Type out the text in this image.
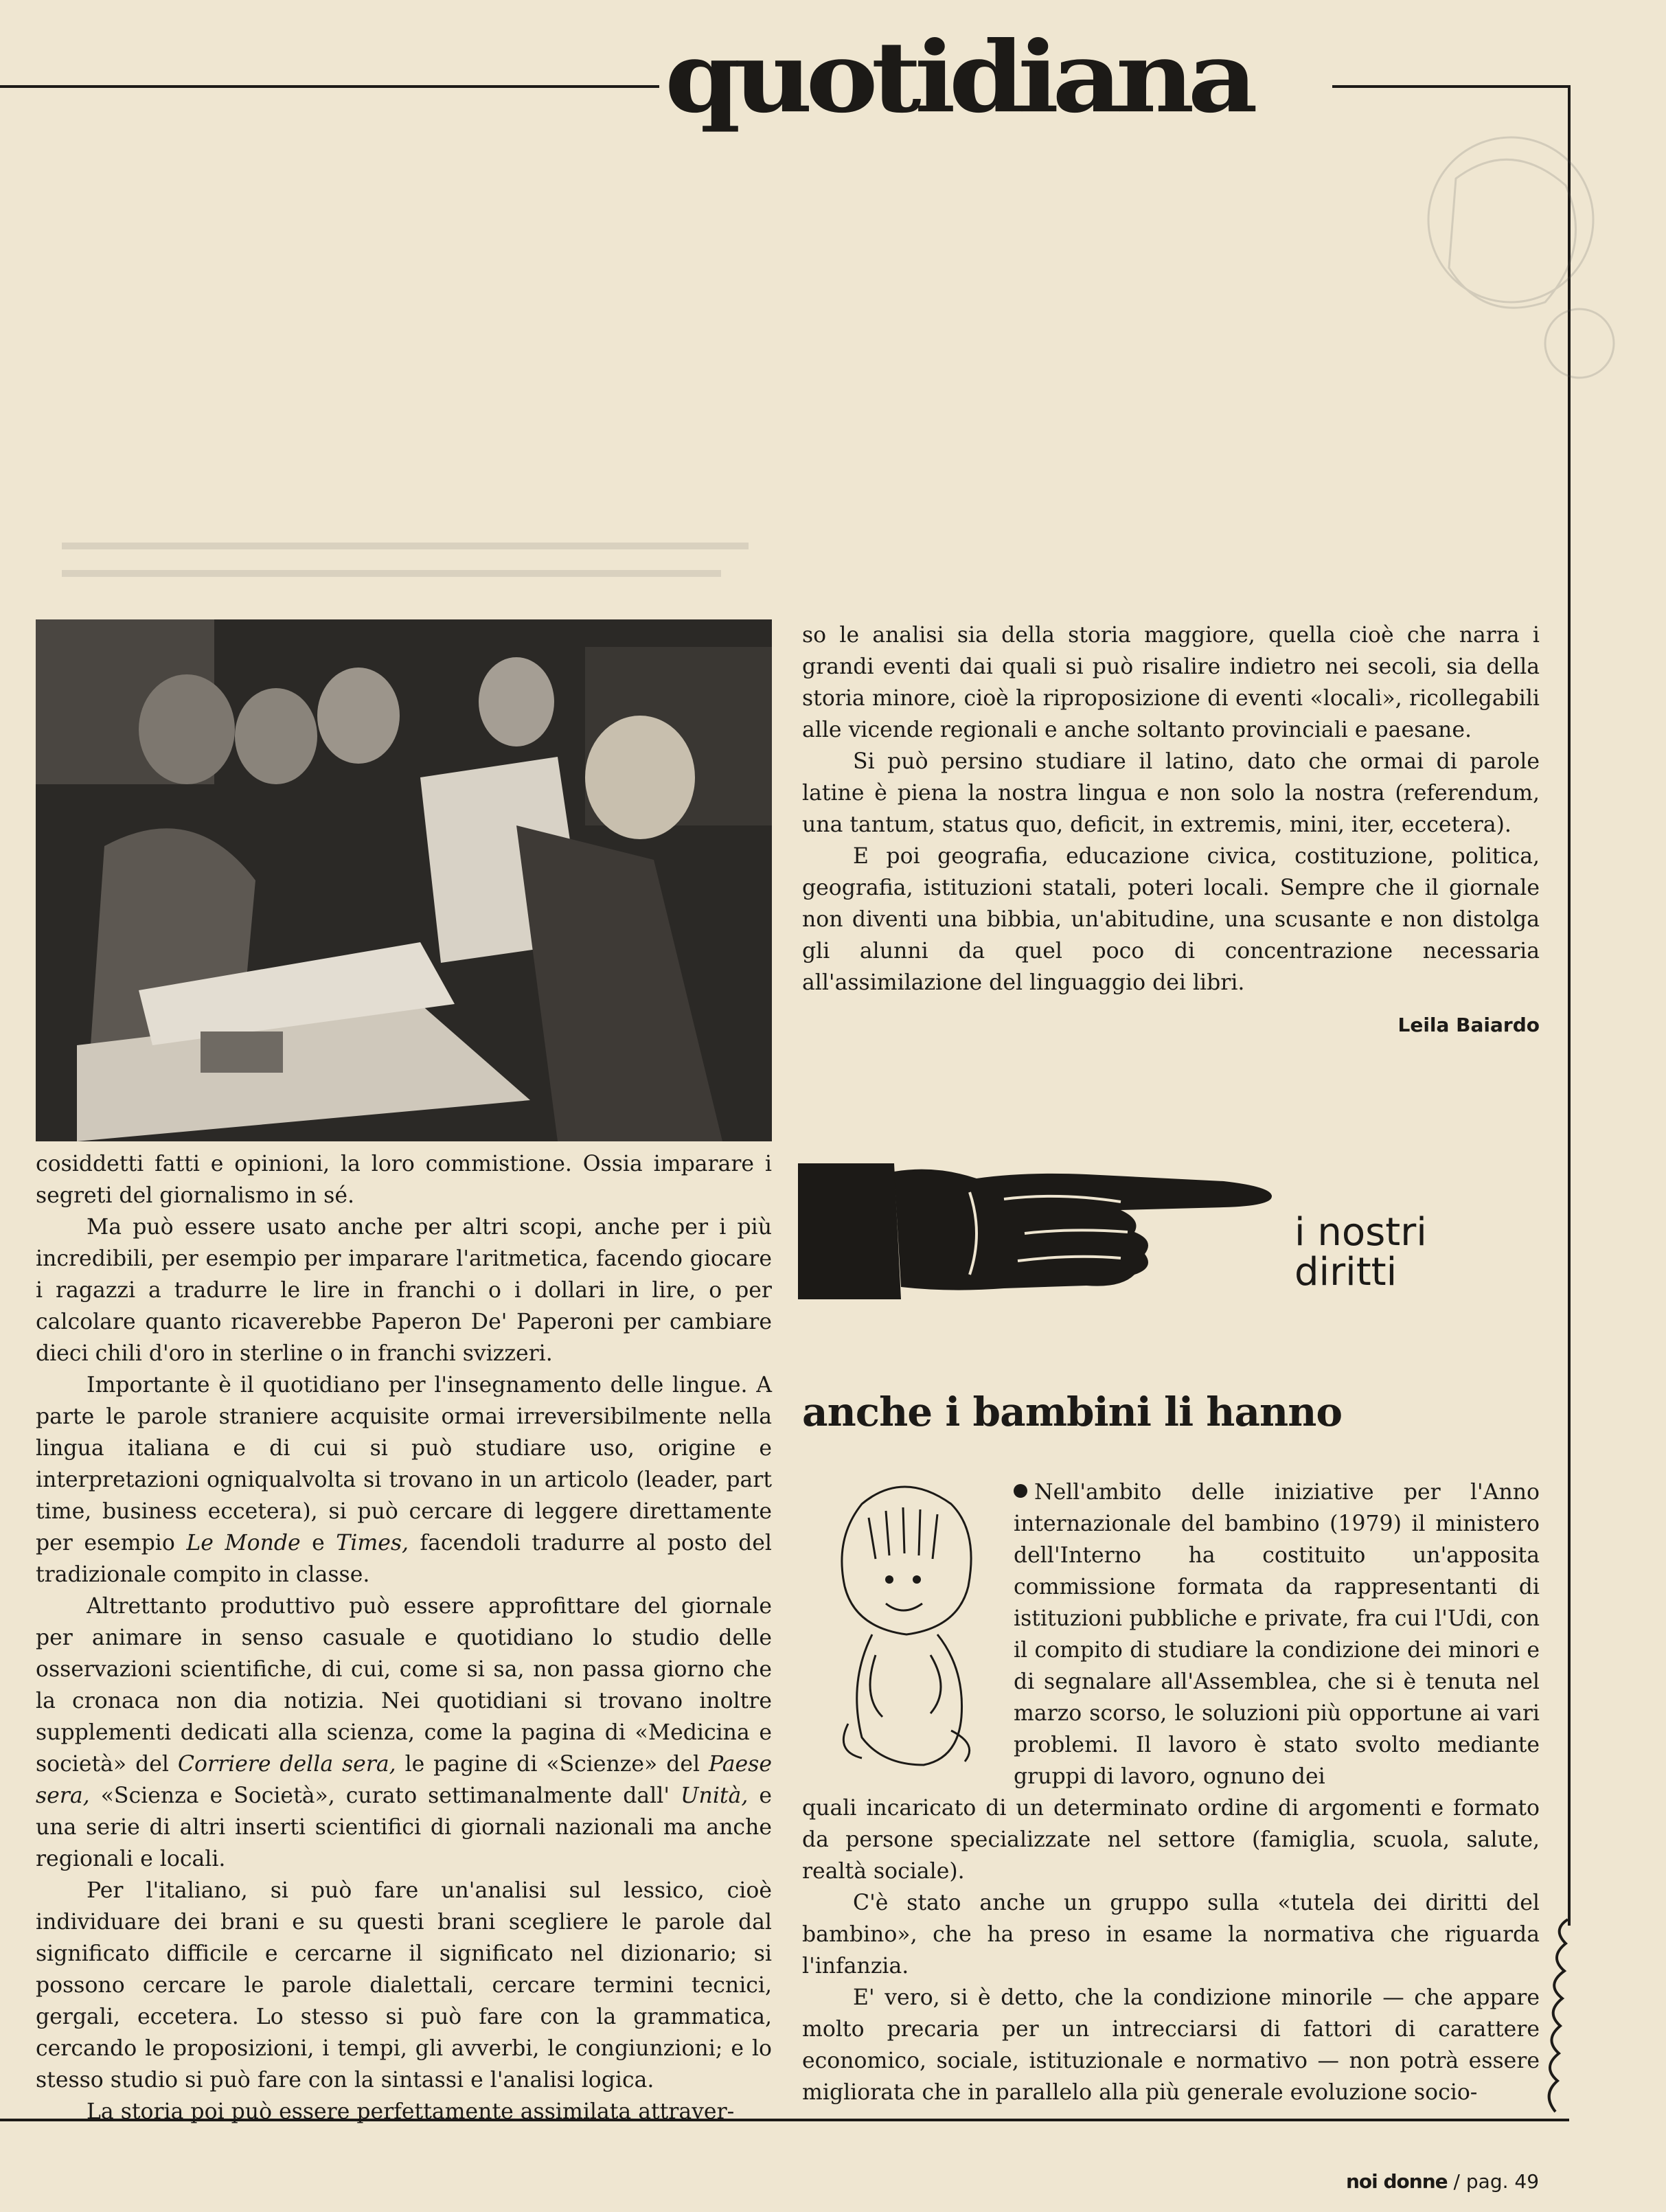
quotidiana

cosiddetti fatti e opinioni, la loro commistione. Ossia imparare i segreti del giornalismo in sé.

Ma può essere usato anche per altri scopi, anche per i più incredibili, per esempio per imparare l'aritmetica, facendo giocare i ragazzi a tradurre le lire in franchi o i dollari in lire, o per calcolare quanto ricaverebbe Paperon De' Paperoni per cambiare dieci chili d'oro in sterline o in franchi svizzeri.

Importante è il quotidiano per l'insegnamento delle lingue. A parte le parole straniere acquisite ormai irreversibilmente nella lingua italiana e di cui si può studiare uso, origine e interpretazioni ogniqualvolta si trovano in un articolo (leader, part time, business eccetera), si può cercare di leggere direttamente per esempio Le Monde e Times, facendoli tradurre al posto del tradizionale compito in classe.

Altrettanto produttivo può essere approfittare del giornale per animare in senso casuale e quotidiano lo studio delle osservazioni scientifiche, di cui, come si sa, non passa giorno che la cronaca non dia notizia. Nei quotidiani si trovano inoltre supplementi dedicati alla scienza, come la pagina di «Medicina e società» del Corriere della sera, le pagine di «Scienze» del Paese sera, «Scienza e Società», curato settimanalmente dall' Unità, e una serie di altri inserti scientifici di giornali nazionali ma anche regionali e locali.

Per l'italiano, si può fare un'analisi sul lessico, cioè individuare dei brani e su questi brani scegliere le parole dal significato difficile e cercarne il significato nel dizionario; si possono cercare le parole dialettali, cercare termini tecnici, gergali, eccetera. Lo stesso si può fare con la grammatica, cercando le proposizioni, i tempi, gli avverbi, le congiunzioni; e lo stesso studio si può fare con la sintassi e l'analisi logica.

La storia poi può essere perfettamente assimilata attraver-

so le analisi sia della storia maggiore, quella cioè che narra i grandi eventi dai quali si può risalire indietro nei secoli, sia della storia minore, cioè la riproposizione di eventi «locali», ricollegabili alle vicende regionali e anche soltanto provinciali e paesane.

Si può persino studiare il latino, dato che ormai di parole latine è piena la nostra lingua e non solo la nostra (referendum, una tantum, status quo, deficit, in extremis, mini, iter, eccetera).

E poi geografia, educazione civica, costituzione, politica, geografia, istituzioni statali, poteri locali. Sempre che il giornale non diventi una bibbia, un'abitudine, una scusante e non distolga gli alunni da quel poco di concentrazione necessaria all'assimilazione del linguaggio dei libri.

Leila Baiardo
i nostri
diritti
anche i bambini li hanno

Nell'ambito delle iniziative per l'Anno internazionale del bambino (1979) il ministero dell'Interno ha costituito un'apposita commissione formata da rappresentanti di istituzioni pubbliche e private, fra cui l'Udi, con il compito di studiare la condizione dei minori e di segnalare all'Assemblea, che si è tenuta nel marzo scorso, le soluzioni più opportune ai vari problemi. Il lavoro è stato svolto mediante gruppi di lavoro, ognuno dei

quali incaricato di un determinato ordine di argomenti e formato da persone specializzate nel settore (famiglia, scuola, salute, realtà sociale).

C'è stato anche un gruppo sulla «tutela dei diritti del bambino», che ha preso in esame la normativa che riguarda l'infanzia.

E' vero, si è detto, che la condizione minorile — che appare molto precaria per un intrecciarsi di fattori di carattere economico, sociale, istituzionale e normativo — non potrà essere migliorata che in parallelo alla più generale evoluzione socio-

noi donne / pag. 49
